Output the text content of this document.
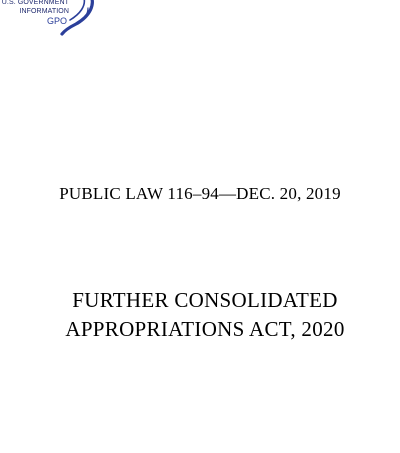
U.S. GOVERNMENT
INFORMATION
GPO
PUBLIC LAW 116–94—DEC. 20, 2019
FURTHER CONSOLIDATED
APPROPRIATIONS ACT, 2020
